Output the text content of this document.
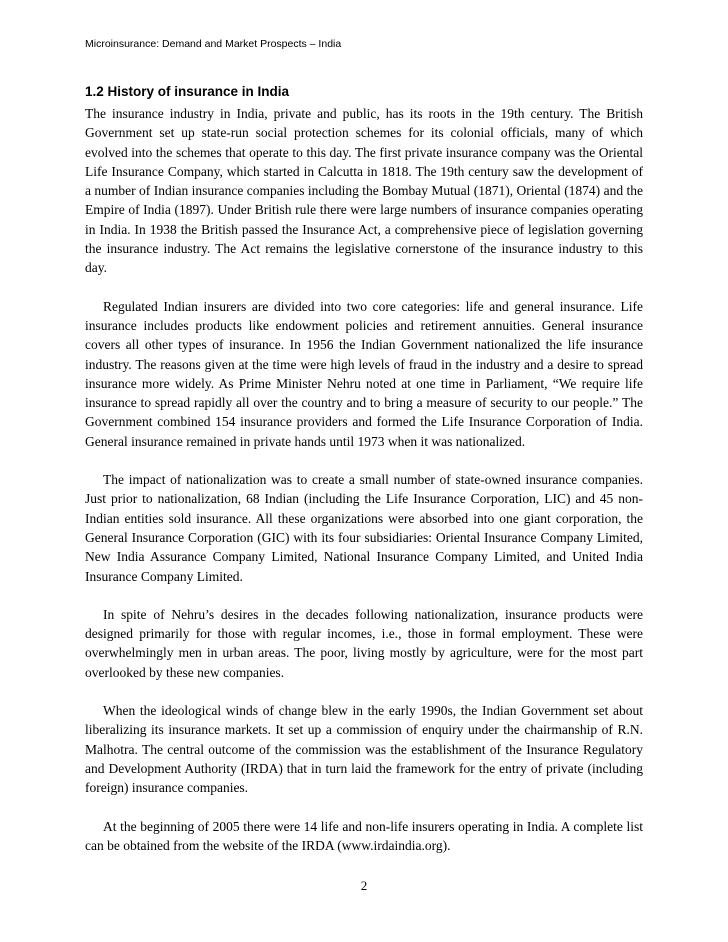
Microinsurance: Demand and Market Prospects – India
1.2 History of insurance in India

The insurance industry in India, private and public, has its roots in the 19th century. The British Government set up state-run social protection schemes for its colonial officials, many of which evolved into the schemes that operate to this day. The first private insurance company was the Oriental Life Insurance Company, which started in Calcutta in 1818. The 19th century saw the development of a number of Indian insurance companies including the Bombay Mutual (1871), Oriental (1874) and the Empire of India (1897). Under British rule there were large numbers of insurance companies operating in India. In 1938 the British passed the Insurance Act, a comprehensive piece of legislation governing the insurance industry. The Act remains the legislative cornerstone of the insurance industry to this day.

Regulated Indian insurers are divided into two core categories: life and general insurance. Life insurance includes products like endowment policies and retirement annuities. General insurance covers all other types of insurance. In 1956 the Indian Government nationalized the life insurance industry. The reasons given at the time were high levels of fraud in the industry and a desire to spread insurance more widely. As Prime Minister Nehru noted at one time in Parliament, “We require life insurance to spread rapidly all over the country and to bring a measure of security to our people.” The Government combined 154 insurance providers and formed the Life Insurance Corporation of India. General insurance remained in private hands until 1973 when it was nationalized.

The impact of nationalization was to create a small number of state-owned insurance companies. Just prior to nationalization, 68 Indian (including the Life Insurance Corporation, LIC) and 45 non-Indian entities sold insurance. All these organizations were absorbed into one giant corporation, the General Insurance Corporation (GIC) with its four subsidiaries: Oriental Insurance Company Limited, New India Assurance Company Limited, National Insurance Company Limited, and United India Insurance Company Limited.

In spite of Nehru’s desires in the decades following nationalization, insurance products were designed primarily for those with regular incomes, i.e., those in formal employment. These were overwhelmingly men in urban areas. The poor, living mostly by agriculture, were for the most part overlooked by these new companies.

When the ideological winds of change blew in the early 1990s, the Indian Government set about liberalizing its insurance markets. It set up a commission of enquiry under the chairmanship of R.N. Malhotra. The central outcome of the commission was the establishment of the Insurance Regulatory and Development Authority (IRDA) that in turn laid the framework for the entry of private (including foreign) insurance companies.

At the beginning of 2005 there were 14 life and non-life insurers operating in India. A complete list can be obtained from the website of the IRDA (www.irdaindia.org).

2
